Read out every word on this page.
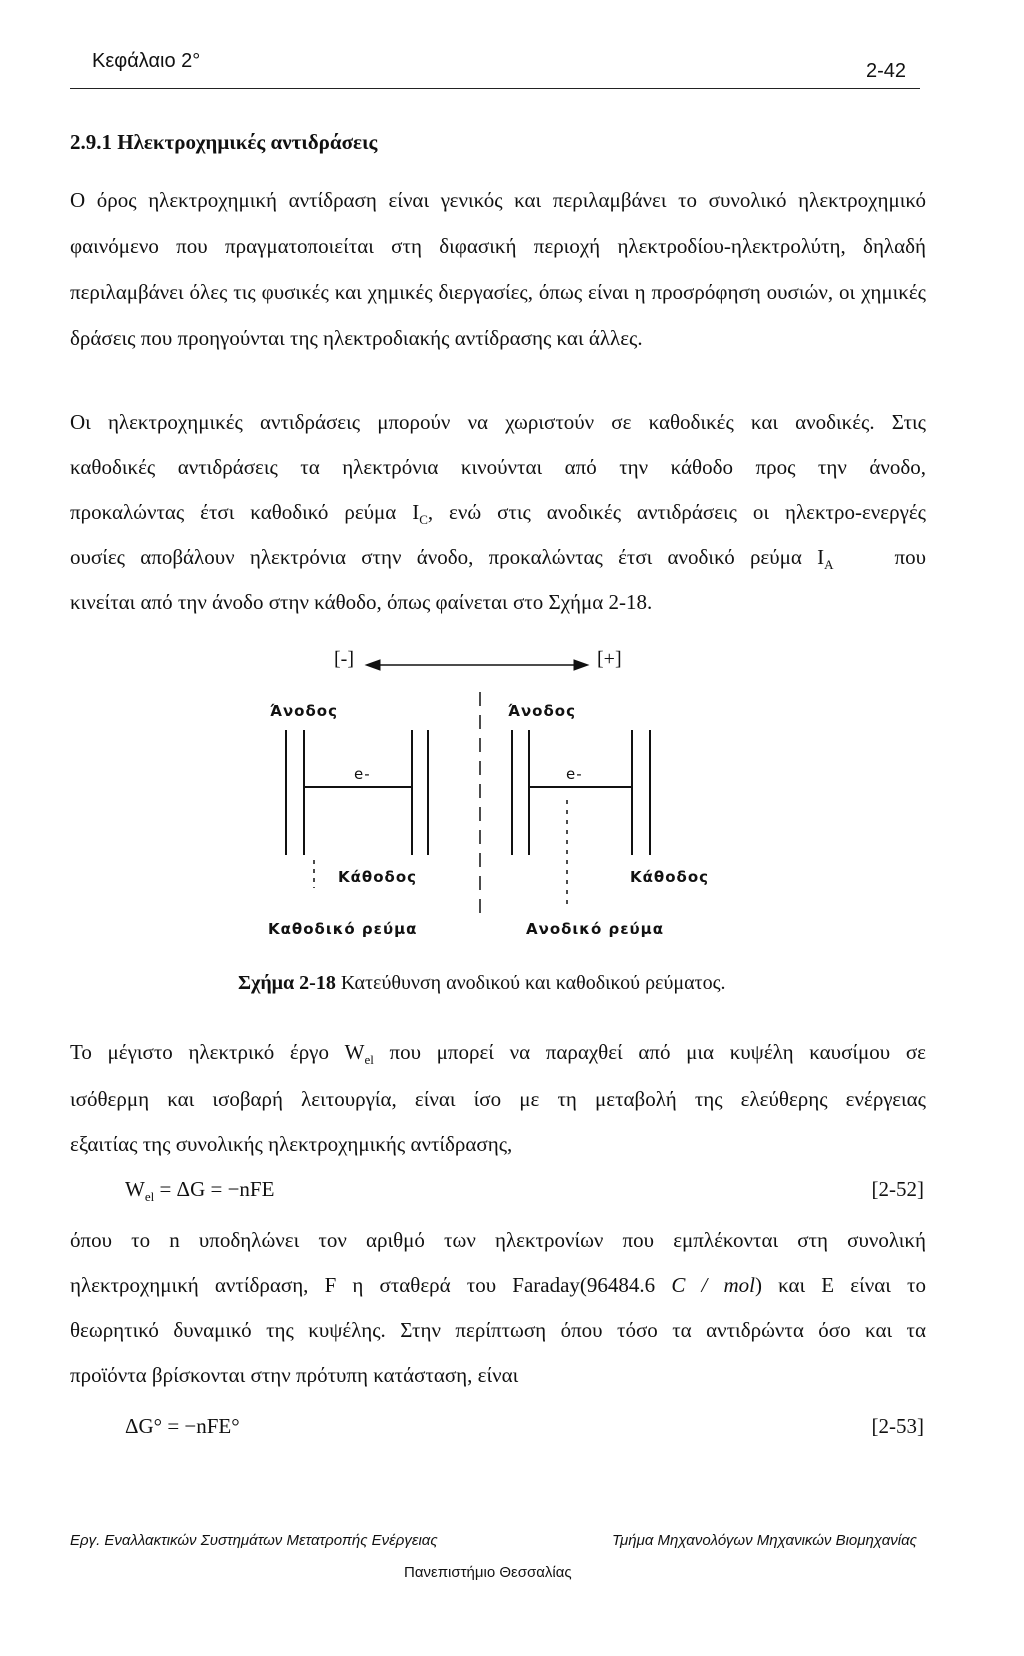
Κεφάλαιο 2°	2-42
2.9.1 Ηλεκτροχημικές αντιδράσεις
Ο όρος ηλεκτροχημική αντίδραση είναι γενικός και περιλαμβάνει το συνολικό ηλεκτροχημικό φαινόμενο που πραγματοποιείται στη διφασική περιοχή ηλεκτροδίου-ηλεκτρολύτη, δηλαδή περιλαμβάνει όλες τις φυσικές και χημικές διεργασίες, όπως είναι η προσρόφηση ουσιών, οι χημικές δράσεις που προηγούνται της ηλεκτροδιακής αντίδρασης και άλλες.
Οι ηλεκτροχημικές αντιδράσεις μπορούν να χωριστούν σε καθοδικές και ανοδικές. Στις
καθοδικές αντιδράσεις τα ηλεκτρόνια κινούνται από την κάθοδο προς την άνοδο,
προκαλώντας έτσι καθοδικό ρεύμα $I_C$, ενώ στις ανοδικές αντιδράσεις οι ηλεκτρο-ενεργές
ουσίες αποβάλουν ηλεκτρόνια στην άνοδο, προκαλώντας έτσι ανοδικό ρεύμα $I_A$	που
κινείται από την άνοδο στην κάθοδο, όπως φαίνεται στο Σχήμα 2-18.
[-]	[+]
Άνοδος	Άνοδος
e-	e-
Κάθοδος	Κάθοδος
Καθοδικό ρεύμα	Ανοδικό ρεύμα
Σχήμα 2-18 Κατεύθυνση ανοδικού και καθοδικού ρεύματος.
Το μέγιστο ηλεκτρικό έργο $W_{el}$ που μπορεί να παραχθεί από μια κυψέλη καυσίμου σε
ισόθερμη και ισοβαρή λειτουργία, είναι ίσο με τη μεταβολή της ελεύθερης ενέργειας
εξαιτίας της συνολικής ηλεκτροχημικής αντίδρασης,
$W_{el} = \Delta G = -nFE$	[2-52]
όπου το n υποδηλώνει τον αριθμό των ηλεκτρονίων που εμπλέκονται στη συνολική
ηλεκτροχημική αντίδραση, F η σταθερά του Faraday(96484.6 C / mol) και E είναι το
θεωρητικό δυναμικό της κυψέλης. Στην περίπτωση όπου τόσο τα αντιδρώντα όσο και τα
προϊόντα βρίσκονται στην πρότυπη κατάσταση, είναι
ΔG° = −nFE°	[2-53]
Εργ. Εναλλακτικών Συστημάτων Μετατροπής Ενέργειας	Τμήμα Μηχανολόγων Μηχανικών Βιομηχανίας
Πανεπιστήμιο Θεσσαλίας
